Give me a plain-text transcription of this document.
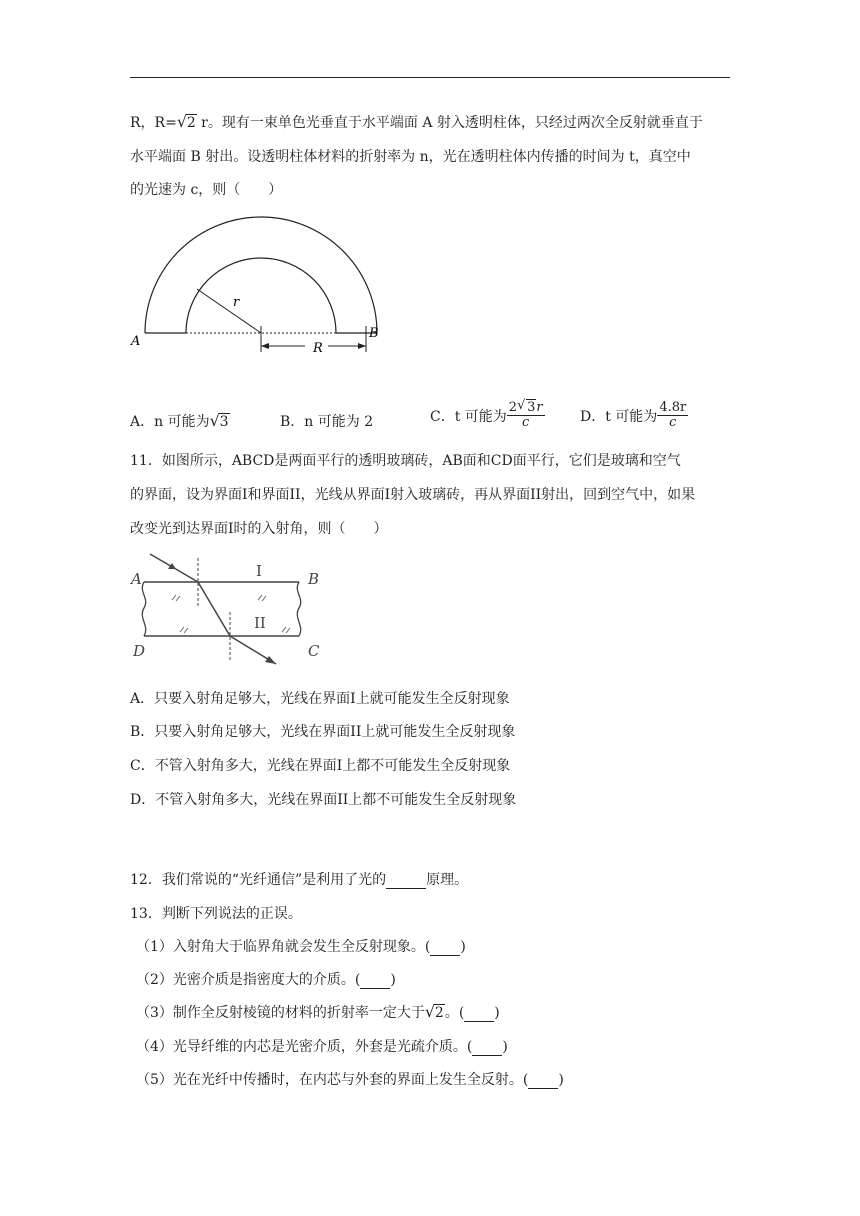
R，R= √ 2 r。现有一束单色光垂直于水平端面 A 射入透明柱体，只经过两次全反射就垂直于
水平端面 B 射出。设透明柱体材料的折射率为 n，光在透明柱体内传播的时间为 t，真空中
的光速为 c，则（　　）
r
R
A
B
A．n 可能为 √ 3	B．n 可能为 2	C．t 可能为 $\frac{2 √ 3r}{c}$	D．t 可能为 $\frac{4.8r}{c}$
11．如图所示，ABCD是两面平行的透明玻璃砖，AB面和CD面平行，它们是玻璃和空气
的界面，设为界面I和界面II，光线从界面I射入玻璃砖，再从界面II射出，回到空气中，如果
改变光到达界面I时的入射角，则（　　）
A	B
C
D
I
II
A．只要入射角足够大，光线在界面I上就可能发生全反射现象
B．只要入射角足够大，光线在界面II上就可能发生全反射现象
C．不管入射角多大，光线在界面I上都不可能发生全反射现象
D．不管入射角多大，光线在界面II上都不可能发生全反射现象
12．我们常说的“光纤通信”是利用了光的	原理。
13．判断下列说法的正误。
（1）入射角大于临界角就会发生全反射现象。( )
（2）光密介质是指密度大的介质。( )
（3）制作全反射棱镜的材料的折射率一定大于 √ 2。( )
（4）光导纤维的内芯是光密介质，外套是光疏介质。( )
（5）光在光纤中传播时，在内芯与外套的界面上发生全反射。( )
